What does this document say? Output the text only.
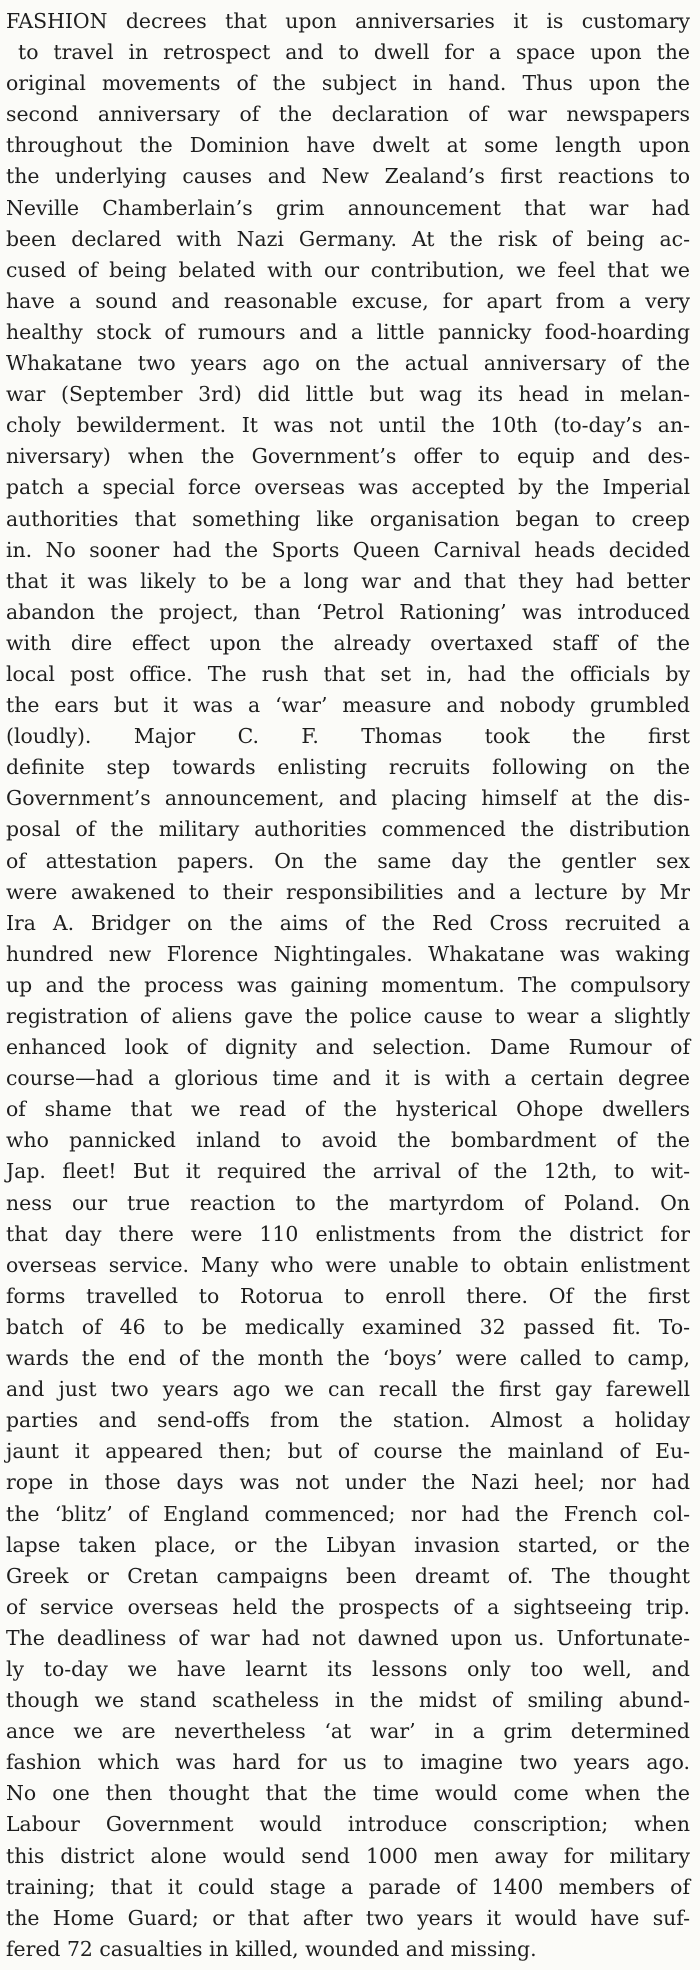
FASHION decrees that upon anniversaries it is customary
to travel in retrospect and to dwell for a space upon the
original movements of the subject in hand. Thus upon the
second anniversary of the declaration of war newspapers
throughout the Dominion have dwelt at some length upon
the underlying causes and New Zealand’s first reactions to
Neville Chamberlain’s grim announcement that war had
been declared with Nazi Germany. At the risk of being ac-
cused of being belated with our contribution, we feel that we
have a sound and reasonable excuse, for apart from a very
healthy stock of rumours and a little pannicky food-hoarding
Whakatane two years ago on the actual anniversary of the
war (September 3rd) did little but wag its head in melan-
choly bewilderment. It was not until the 10th (to-day’s an-
niversary) when the Government’s offer to equip and des-
patch a special force overseas was accepted by the Imperial
authorities that something like organisation began to creep
in. No sooner had the Sports Queen Carnival heads decided
that it was likely to be a long war and that they had better
abandon the project, than ‘Petrol Rationing’ was introduced
with dire effect upon the already overtaxed staff of the
local post office. The rush that set in, had the officials by
the ears but it was a ‘war’ measure and nobody grumbled
(loudly). Major C. F. Thomas took the first
definite step towards enlisting recruits following on the
Government’s announcement, and placing himself at the dis-
posal of the military authorities commenced the distribution
of attestation papers. On the same day the gentler sex
were awakened to their responsibilities and a lecture by Mr
Ira A. Bridger on the aims of the Red Cross recruited a
hundred new Florence Nightingales. Whakatane was waking
up and the process was gaining momentum. The compulsory
registration of aliens gave the police cause to wear a slightly
enhanced look of dignity and selection. Dame Rumour of
course—had a glorious time and it is with a certain degree
of shame that we read of the hysterical Ohope dwellers
who pannicked inland to avoid the bombardment of the
Jap. fleet! But it required the arrival of the 12th, to wit-
ness our true reaction to the martyrdom of Poland. On
that day there were 110 enlistments from the district for
overseas service. Many who were unable to obtain enlistment
forms travelled to Rotorua to enroll there. Of the first
batch of 46 to be medically examined 32 passed fit. To-
wards the end of the month the ‘boys’ were called to camp,
and just two years ago we can recall the first gay farewell
parties and send-offs from the station. Almost a holiday
jaunt it appeared then; but of course the mainland of Eu-
rope in those days was not under the Nazi heel; nor had
the ‘blitz’ of England commenced; nor had the French col-
lapse taken place, or the Libyan invasion started, or the
Greek or Cretan campaigns been dreamt of. The thought
of service overseas held the prospects of a sightseeing trip.
The deadliness of war had not dawned upon us. Unfortunate-
ly to-day we have learnt its lessons only too well, and
though we stand scatheless in the midst of smiling abund-
ance we are nevertheless ‘at war’ in a grim determined
fashion which was hard for us to imagine two years ago.
No one then thought that the time would come when the
Labour Government would introduce conscription; when
this district alone would send 1000 men away for military
training; that it could stage a parade of 1400 members of
the Home Guard; or that after two years it would have suf-
fered 72 casualties in killed, wounded and missing.
